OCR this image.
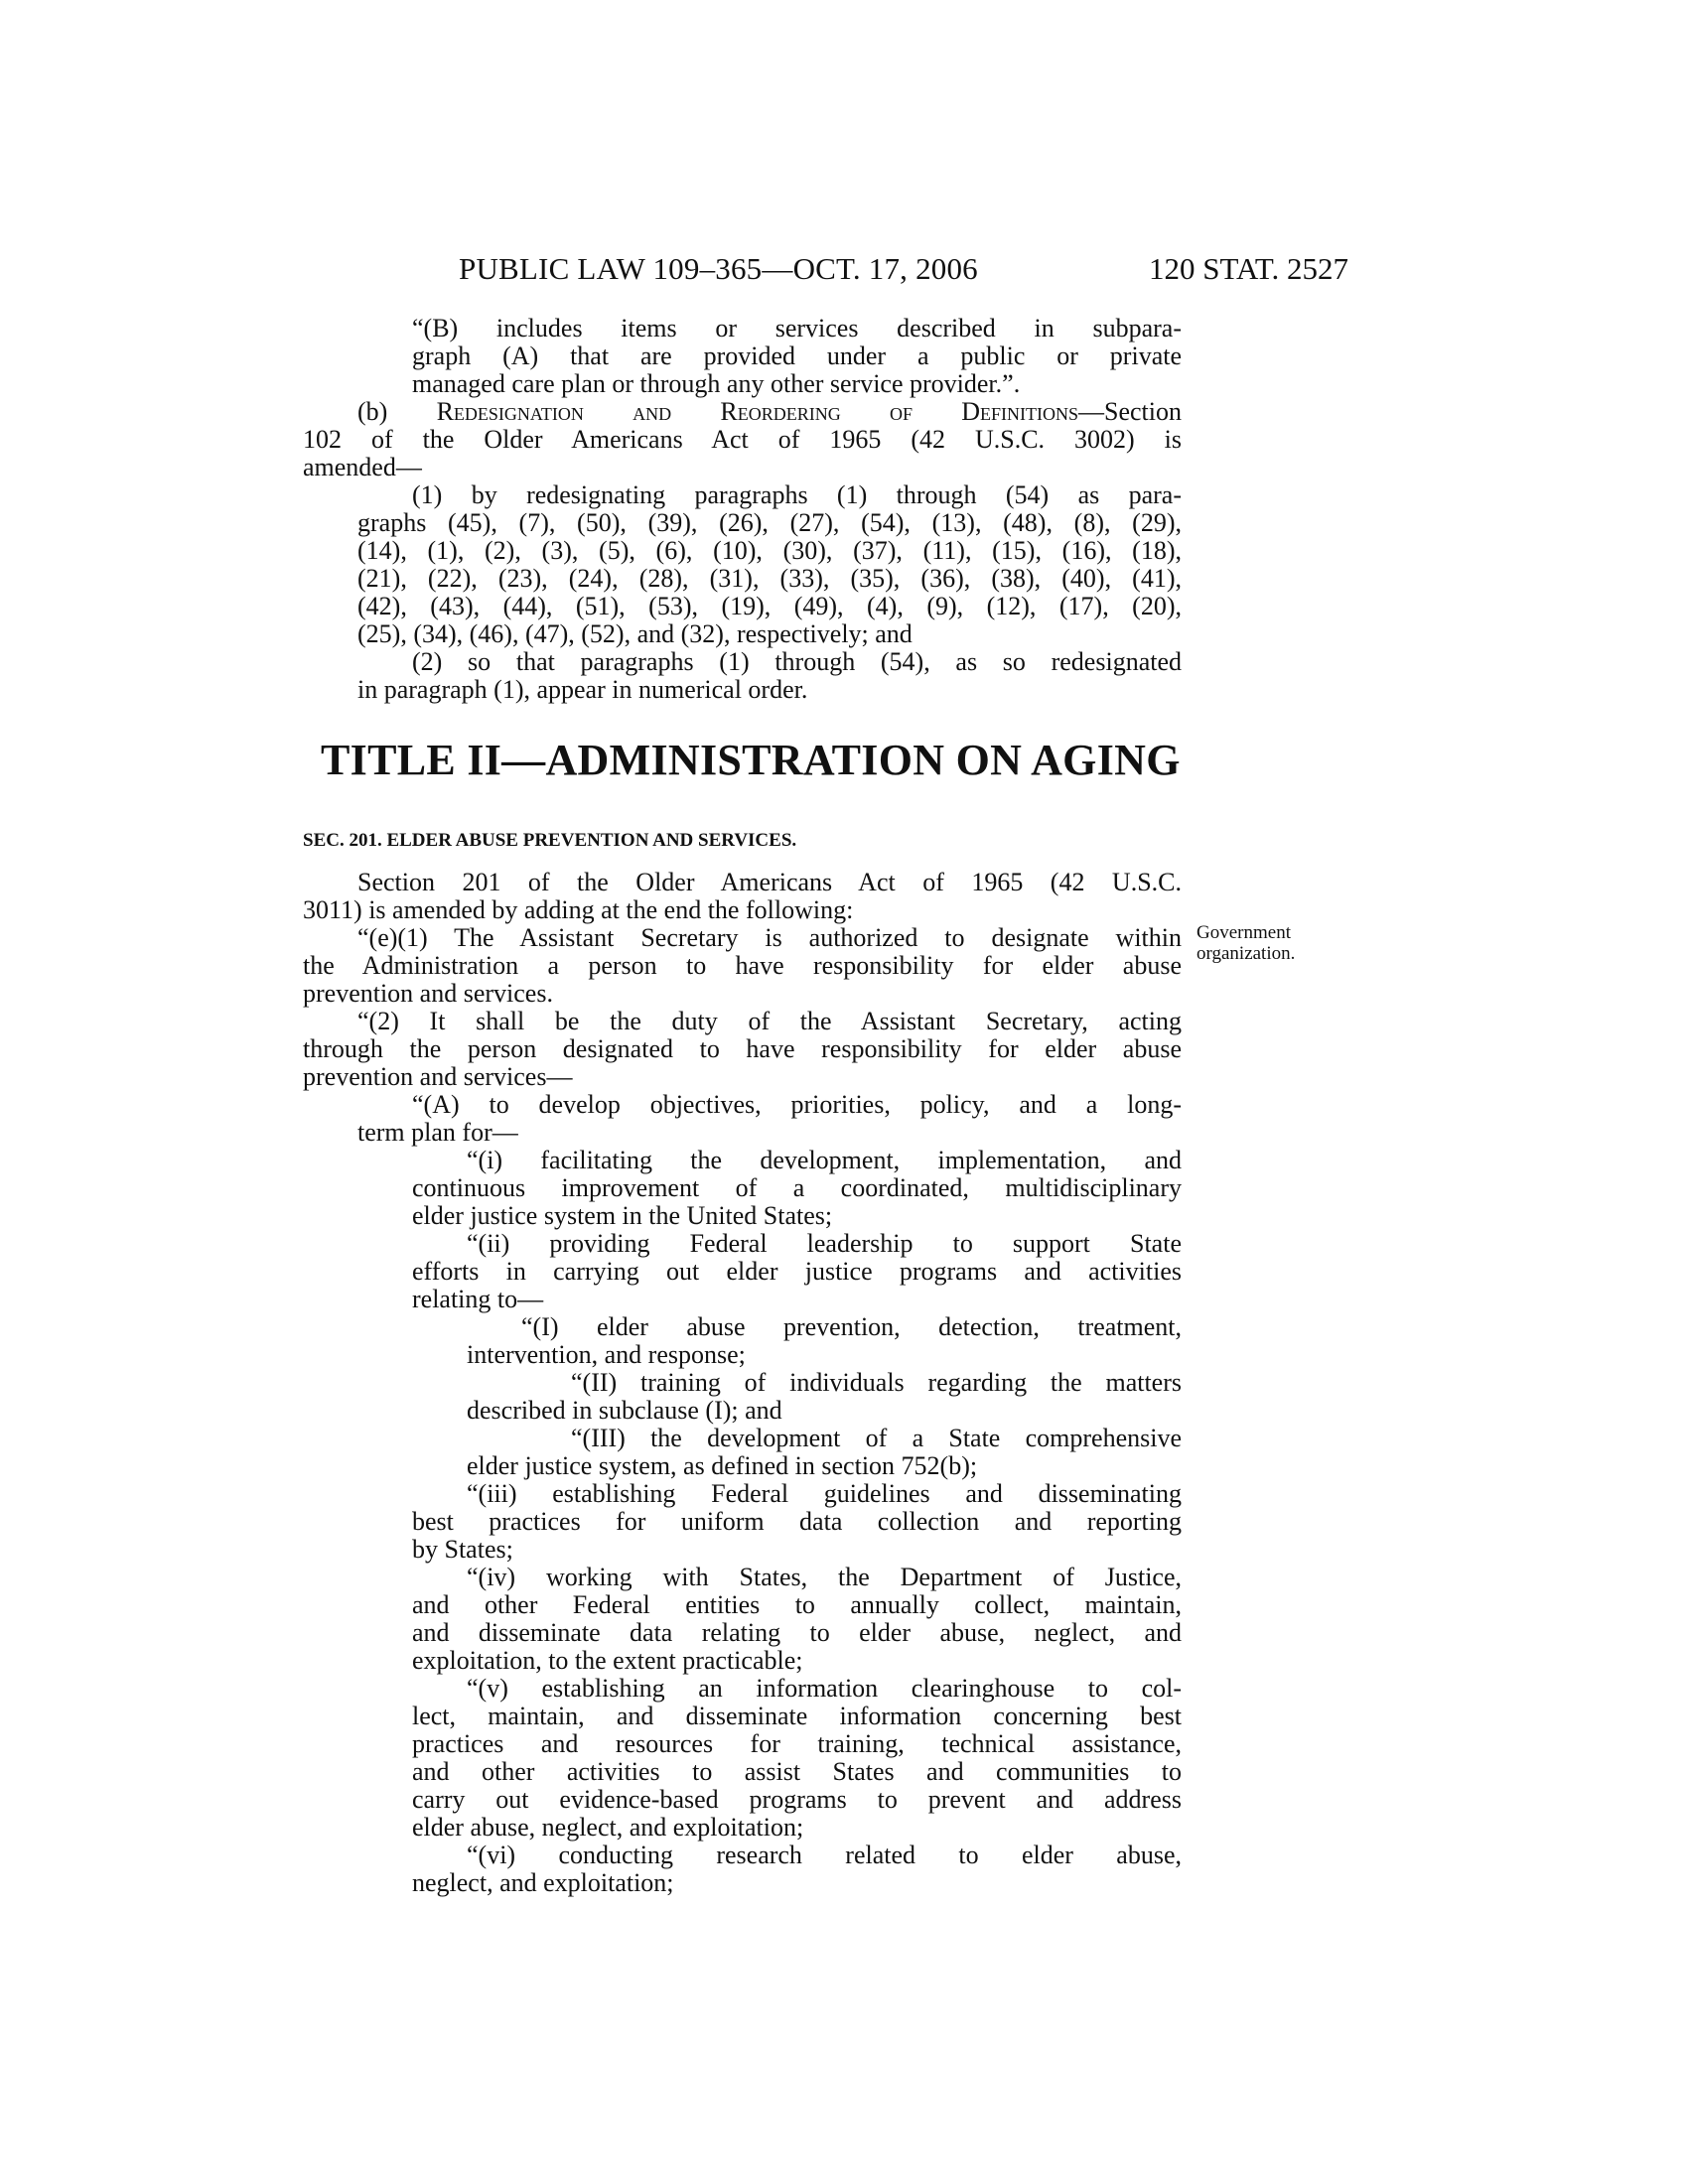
PUBLIC LAW 109–365—OCT. 17, 2006	120 STAT. 2527
“(B) includes items or services described in subpara-
graph (A) that are provided under a public or private
managed care plan or through any other service provider.”.
(b) Redesignation and Reordering of Definitions—Section
102 of the Older Americans Act of 1965 (42 U.S.C. 3002) is
amended—
(1) by redesignating paragraphs (1) through (54) as para-
graphs (45), (7), (50), (39), (26), (27), (54), (13), (48), (8), (29),
(14), (1), (2), (3), (5), (6), (10), (30), (37), (11), (15), (16), (18),
(21), (22), (23), (24), (28), (31), (33), (35), (36), (38), (40), (41),
(42), (43), (44), (51), (53), (19), (49), (4), (9), (12), (17), (20),
(25), (34), (46), (47), (52), and (32), respectively; and
(2) so that paragraphs (1) through (54), as so redesignated
in paragraph (1), appear in numerical order.
TITLE II—ADMINISTRATION ON AGING
SEC. 201. ELDER ABUSE PREVENTION AND SERVICES.
Government
organization.
Section 201 of the Older Americans Act of 1965 (42 U.S.C.
3011) is amended by adding at the end the following:
“(e)(1) The Assistant Secretary is authorized to designate within
the Administration a person to have responsibility for elder abuse
prevention and services.
“(2) It shall be the duty of the Assistant Secretary, acting
through the person designated to have responsibility for elder abuse
prevention and services—
“(A) to develop objectives, priorities, policy, and a long-
term plan for—
“(i) facilitating the development, implementation, and
continuous improvement of a coordinated, multidisciplinary
elder justice system in the United States;
“(ii) providing Federal leadership to support State
efforts in carrying out elder justice programs and activities
relating to—
“(I) elder abuse prevention, detection, treatment,
intervention, and response;
“(II) training of individuals regarding the matters
described in subclause (I); and
“(III) the development of a State comprehensive
elder justice system, as defined in section 752(b);
“(iii) establishing Federal guidelines and disseminating
best practices for uniform data collection and reporting
by States;
“(iv) working with States, the Department of Justice,
and other Federal entities to annually collect, maintain,
and disseminate data relating to elder abuse, neglect, and
exploitation, to the extent practicable;
“(v) establishing an information clearinghouse to col-
lect, maintain, and disseminate information concerning best
practices and resources for training, technical assistance,
and other activities to assist States and communities to
carry out evidence-based programs to prevent and address
elder abuse, neglect, and exploitation;
“(vi) conducting research related to elder abuse,
neglect, and exploitation;
